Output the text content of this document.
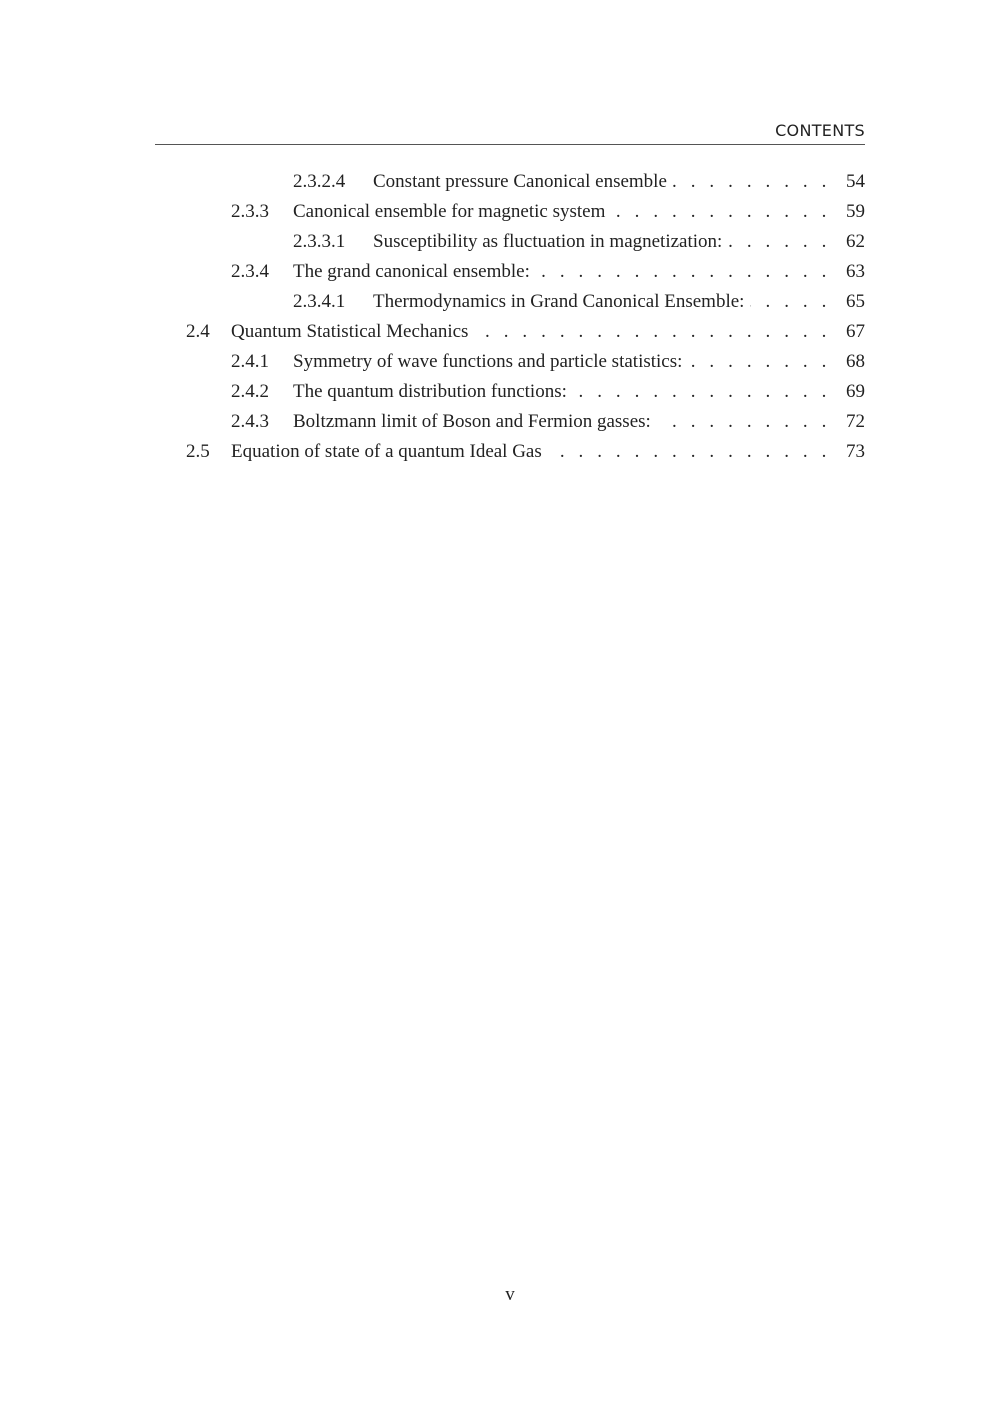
CONTENTS
2.3.2.4 Constant pressure Canonical ensemble . . .	54
2.3.3 Canonical ensemble for magnetic system . . .	59
2.3.3.1 Susceptibility as fluctuation in magnetization: . . .	62
2.3.4 The grand canonical ensemble: . . .	63
2.3.4.1 Thermodynamics in Grand Canonical Ensemble: . . .	65
2.4 Quantum Statistical Mechanics . . .	67
2.4.1 Symmetry of wave functions and particle statistics: . . .	68
2.4.2 The quantum distribution functions: . . .	69
2.4.3 Boltzmann limit of Boson and Fermion gasses: . . .	72
2.5 Equation of state of a quantum Ideal Gas . . .	73
v
